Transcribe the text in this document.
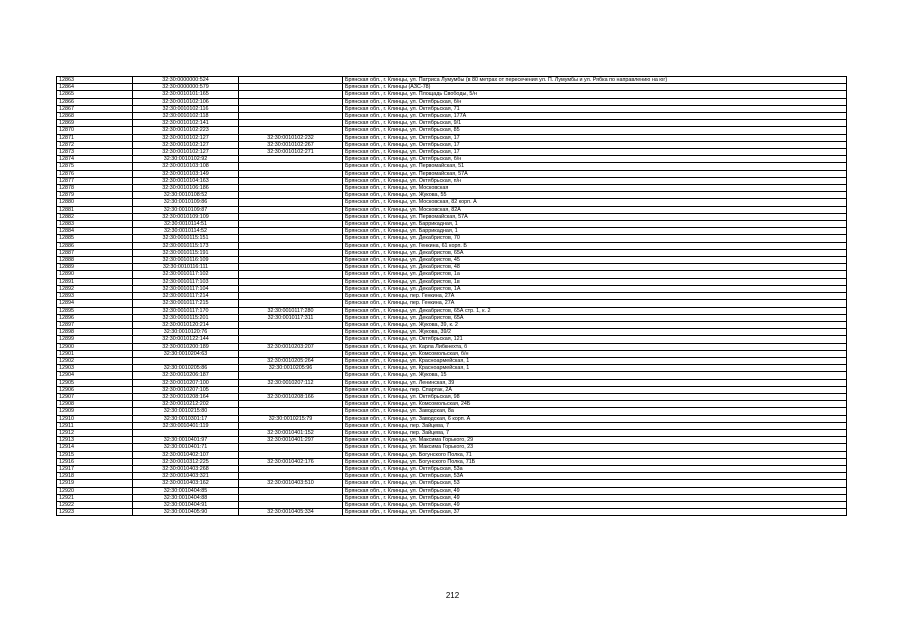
12863	32:30:0000000:524		Брянская обл., г. Клинцы, ул. Патриса Лумумбы (в 80 метрах от пересечения ул. П. Лумумбы и ул. Рябка по направлению на юг)
12864	32:30:0000000:579		Брянская обл., г. Клинцы (АЗС-78)
12865	32:30:0010101:165		Брянская обл., г. Клинцы, ул. Площадь Свободы, 5/н
12866	32:30:0010102:106		Брянская обл., г. Клинцы, ул. Октябрьская, б/н
12867	32:30:0010102:116		Брянская обл., г. Клинцы, ул. Октябрьская, 71
12868	32:30:0010102:118		Брянская обл., г. Клинцы, ул. Октябрьская, 177А
12869	32:30:0010102:141		Брянская обл., г. Клинцы, ул. Октябрьская, 9/1
12870	32:30:0010102:223		Брянская обл., г. Клинцы, ул. Октябрьская, 85
12871	32:30:0010102:127	32:30:0010102:232	Брянская обл., г. Клинцы, ул. Октябрьская, 17
12872	32:30:0010102:127	32:30:0010102:267	Брянская обл., г. Клинцы, ул. Октябрьская, 17
12873	32:30:0010102:127	32:30:0010102:271	Брянская обл., г. Клинцы, ул. Октябрьская, 17
12874	32:30:0010102:92		Брянская обл., г. Клинцы, ул. Октябрьская, б/н
12875	32:30:0010103:108		Брянская обл., г. Клинцы, ул. Первомайская, 51
12876	32:30:0010103:149		Брянская обл., г. Клинцы, ул. Первомайская, 57А
12877	32:30:0010104:163		Брянская обл., г. Клинцы, ул. Октябрьская, п/н
12878	32:30:0010106:186		Брянская обл., г. Клинцы, ул. Московская
12879	32:30:0010108:52		Брянская обл., г. Клинцы, ул. Жукова, 55
12880	32:30:0010109:86		Брянская обл., г. Клинцы, ул. Московская, 82 корп. А
12881	32:30:0010109:87		Брянская обл., г. Клинцы, ул. Московская, 82А
12882	32:30:0010109:109		Брянская обл., г. Клинцы, ул. Первомайская, 57А
12883	32:30:0010114:51		Брянская обл., г. Клинцы, ул. Баррикадная, 1
12884	32:30:0010114:52		Брянская обл., г. Клинцы, ул. Баррикадная, 1
12885	32:30:0010115:151		Брянская обл., г. Клинцы, ул. Декабристов, 70
12886	32:30:0010115:173		Брянская обл., г. Клинцы, ул. Генкина, 61 корп. Б
12887	32:30:0010115:191		Брянская обл., г. Клинцы, ул. Декабристов, 65А
12888	32:30:0010116:109		Брянская обл., г. Клинцы, ул. Декабристов, 45
12889	32:30:0010116:111		Брянская обл., г. Клинцы, ул. Декабристов, 48
12890	32:30:0010117:102		Брянская обл., г. Клинцы, ул. Декабристов, 1а
12891	32:30:0010117:103		Брянская обл., г. Клинцы, ул. Декабристов, 1в
12892	32:30:0010117:104		Брянская обл., г. Клинцы, ул. Декабристов, 1А
12893	32:30:0010117:214		Брянская обл., г. Клинцы, пер. Генкина, 27А
12894	32:30:0010117:215		Брянская обл., г. Клинцы, пер. Генкина, 27А
12895	32:30:0010117:170	32:30:0010117:280	Брянская обл., г. Клинцы, ул. Декабристов, 65А стр. 1, к. 2
12896	32:30:0010115:201	32:30:0010117:311	Брянская обл., г. Клинцы, ул. Декабристов, 65А
12897	32:30:0010120:214		Брянская обл., г. Клинцы, ул. Жукова, 39, к. 2
12898	32:30:0010120:76		Брянская обл., г. Клинцы, ул. Жукова, 39/2
12899	32:30:0010122:144		Брянская обл., г. Клинцы, ул. Октябрьская, 121
12900	32:30:0010200:189	32:30:0010203:207	Брянская обл., г. Клинцы, ул. Карла Либкнехта, б
12901	32:30:0010204:63		Брянская обл., г. Клинцы, ул. Комсомольская, б/н
12902		32:30:0010205:264	Брянская обл., г. Клинцы, ул. Красноармейская, 1
12903	32:30:0010205:86	32:30:0010205:96	Брянская обл., г. Клинцы, ул. Красноармейская, 1
12904	32:30:0010206:187		Брянская обл., г. Клинцы, ул. Жукова, 15
12905	32:30:0010207:100	32:30:0010207:112	Брянская обл., г. Клинцы, ул. Ленинская, 39
12906	32:30:0010207:105		Брянская обл., г. Клинцы, пер. Спартак, 2А
12907	32:30:0010208:164	32:30:0010208:166	Брянская обл., г. Клинцы, ул. Октябрьская, 98
12908	32:30:0010212:202		Брянская обл., г. Клинцы, ул. Комсомольская, 24Б
12909	32:30:0010215:80		Брянская обл., г. Клинцы, ул. Заводская, 8а
12910	32:30:0010301:17	32:30:0010215:79	Брянская обл., г. Клинцы, ул. Заводская, 6 корп. А
12911	32:30:0010401:119		Брянская обл., г. Клинцы, пер. Зайцева, 7
12912		32:30:0010401:152	Брянская обл., г. Клинцы, пер. Зайцева, 7
12913	32:30:0010401:97	32:30:0010401:297	Брянская обл., г. Клинцы, ул. Максима Горького, 29
12914	32:30:0010401:71		Брянская обл., г. Клинцы, ул. Максима Горького, 23
12915	32:30:0010402:107		Брянская обл., г. Клинцы, ул. Богунского Полка, 71
12916	32:30:0010312:225	32:30:0010402:176	Брянская обл., г. Клинцы, ул. Богунского Полка, 71Б
12917	32:30:0010403:268		Брянская обл., г. Клинцы, ул. Октябрьская, 53а
12918	32:30:0010403:321		Брянская обл., г. Клинцы, ул. Октябрьская, 53А
12919	32:30:0010403:162	32:30:0010403:510	Брянская обл., г. Клинцы, ул. Октябрьская, 53
12920	32:30:0010404:85		Брянская обл., г. Клинцы, ул. Октябрьская, 49
12921	32:30:0010404:88		Брянская обл., г. Клинцы, ул. Октябрьская, 49
12922	32:30:0010404:91		Брянская обл., г. Клинцы, ул. Октябрьская, 49
12923	32:30:0010405:90	32:30:0010405:334	Брянская обл., г. Клинцы, ул. Октябрьская, 37
212
